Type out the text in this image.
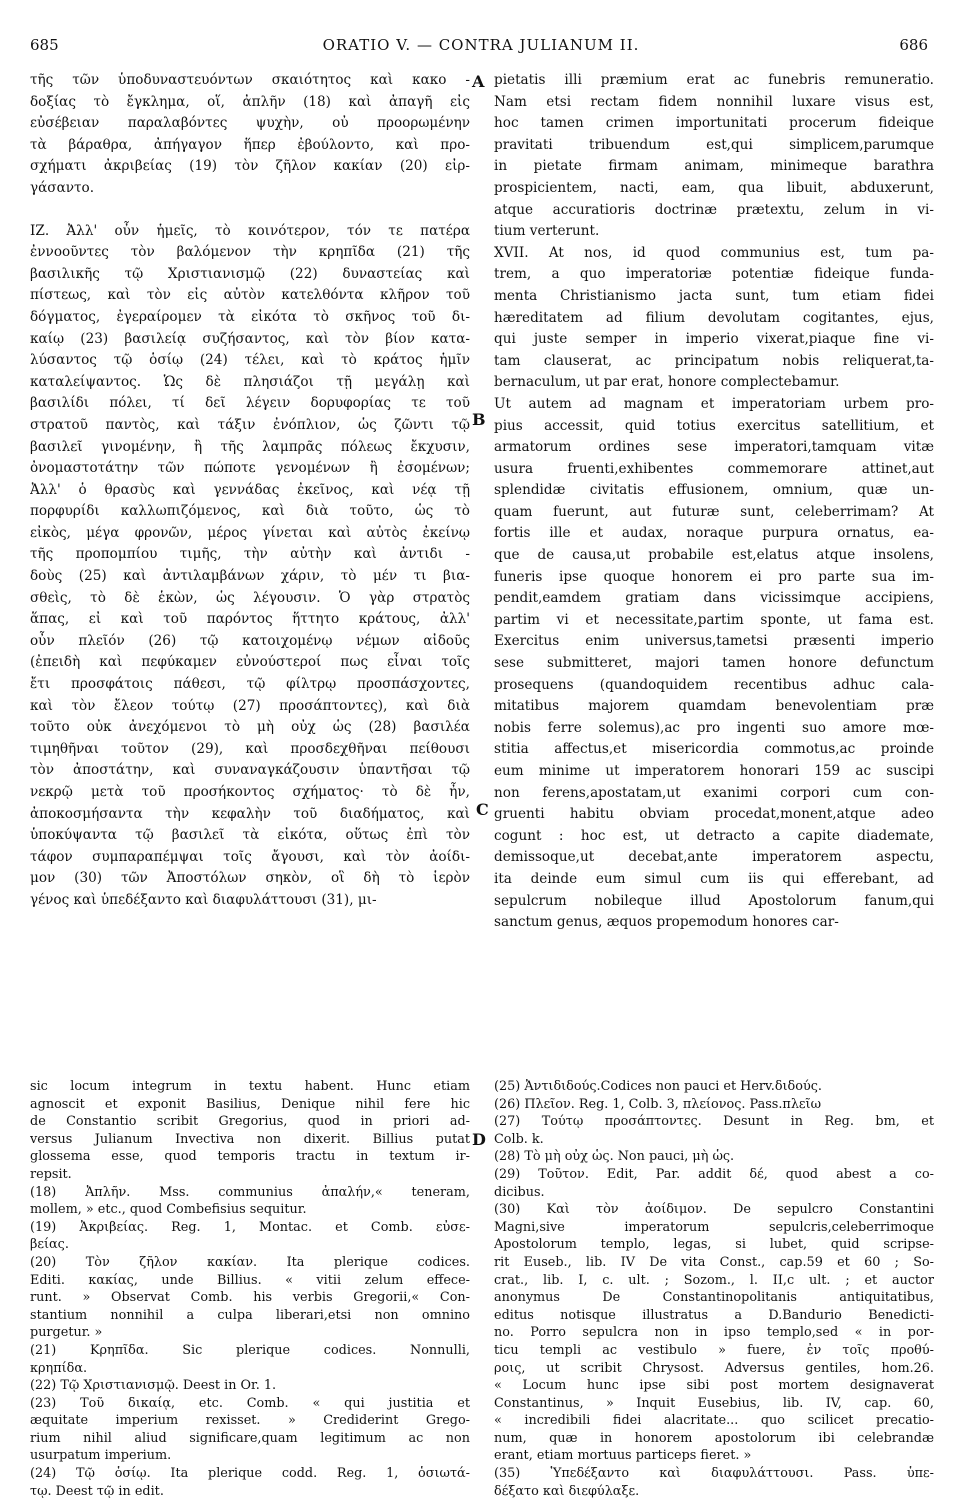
685	ORATIO V. — CONTRA JULIANUM II.	686
τῆς τῶν ὑποδυναστευόντων σκαιότητος καὶ κακο -
δοξίας τὸ ἔγκλημα, οἵ, ἀπλῆν (18) καὶ ἀπαγῆ εἰς
εὐσέβειαν παραλαβόντες ψυχὴν, οὐ προορωμένην
τὰ βάραθρα, ἀπήγαγον ἥπερ ἐβούλοντο, καὶ προ-
σχήματι ἀκριβείας (19) τὸν ζῆλον κακίαν (20) εἰρ-
γάσαντο.
ΙΖ. Ἀλλ' οὖν ἡμεῖς, τὸ κοινότερον, τόν τε πατέρα
ἐννοοῦντες τὸν βαλόμενον τὴν κρηπῖδα (21) τῆς
βασιλικῆς τῷ Χριστιανισμῷ (22) δυναστείας καὶ
πίστεως, καὶ τὸν εἰς αὐτὸν κατελθόντα κλῆρον τοῦ
δόγματος, ἐγεραίρομεν τὰ εἰκότα τὸ σκῆνος τοῦ δι-
καίῳ (23) βασιλείᾳ συζήσαντος, καὶ τὸν βίον κατα-
λύσαντος τῷ ὁσίῳ (24) τέλει, καὶ τὸ κράτος ἡμῖν
καταλείψαντος. Ὡς δὲ πλησιάζοι τῇ μεγάλῃ καὶ
βασιλίδι πόλει, τί δεῖ λέγειν δορυφορίας τε τοῦ
στρατοῦ παντὸς, καὶ τάξιν ἐνόπλιον, ὡς ζῶντι τῷ
βασιλεῖ γινομένην, ἢ τῆς λαμπρᾶς πόλεως ἔκχυσιν,
ὀνομαστοτάτην τῶν πώποτε γενομένων ἢ ἐσομένων;
Ἀλλ' ὁ θρασὺς καὶ γεννάδας ἐκεῖνος, καὶ νέᾳ τῇ
πορφυρίδι καλλωπιζόμενος, καὶ διὰ τοῦτο, ὡς τὸ
εἰκὸς, μέγα φρονῶν, μέρος γίνεται καὶ αὐτὸς ἐκείνῳ
τῆς προπομπίου τιμῆς, τὴν αὐτὴν καὶ ἀντιδι -
δοὺς (25) καὶ ἀντιλαμβάνων χάριν, τὸ μέν τι βια-
σθεὶς, τὸ δὲ ἑκὼν, ὡς λέγουσιν. Ὁ γὰρ στρατὸς
ἅπας, εἰ καὶ τοῦ παρόντος ἥττητο κράτους, ἀλλ'
οὖν πλεῖόν (26) τῷ κατοιχομένῳ νέμων αἰδοῦς
(ἐπειδὴ καὶ πεφύκαμεν εὐνούστεροί πως εἶναι τοῖς
ἔτι προσφάτοις πάθεσι, τῷ φίλτρῳ προσπάσχοντες,
καὶ τὸν ἔλεον τούτῳ (27) προσάπτοντες), καὶ διὰ
τοῦτο οὐκ ἀνεχόμενοι τὸ μὴ οὐχ ὡς (28) βασιλέα
τιμηθῆναι τοῦτον (29), καὶ προσδεχθῆναι πείθουσι
τὸν ἀποστάτην, καὶ συναναγκάζουσιν ὑπαντῆσαι τῷ
νεκρῷ μετὰ τοῦ προσήκοντος σχήματος· τὸ δὲ ἦν,
ἀποκοσμήσαντα τὴν κεφαλὴν τοῦ διαδήματος, καὶ
ὑποκύψαντα τῷ βασιλεῖ τὰ εἰκότα, οὕτως ἐπὶ τὸν
τάφον συμπαραπέμψαι τοῖς ἄγουσι, καὶ τὸν ἀοίδι-
μον (30) τῶν Ἀποστόλων σηκὸν, οἳ δὴ τὸ ἱερὸν
γένος καὶ ὑπεδέξαντο καὶ διαφυλάττουσι (31), μι-
pietatis illi præmium erat ac funebris remuneratio.
Nam etsi rectam fidem nonnihil luxare visus est,
hoc tamen crimen importunitati procerum fideique
pravitati tribuendum est,qui simplicem,parumque
in pietate firmam animam, minimeque barathra
prospicientem, nacti, eam, qua libuit, abduxerunt,
atque accuratioris doctrinæ prætextu, zelum in vi-
tium verterunt.
XVII. At nos, id quod communius est, tum pa-
trem, a quo imperatoriæ potentiæ fideique funda-
menta Christianismo jacta sunt, tum etiam fidei
hæreditatem ad filium devolutam cogitantes, ejus,
qui juste semper in imperio vixerat,piaque fine vi-
tam clauserat, ac principatum nobis reliquerat,ta-
bernaculum, ut par erat, honore complectebamur.
Ut autem ad magnam et imperatoriam urbem pro-
pius accessit, quid totius exercitus satellitium, et
armatorum ordines sese imperatori,tamquam vitæ
usura fruenti,exhibentes commemorare attinet,aut
splendidæ civitatis effusionem, omnium, quæ un-
quam fuerunt, aut futuræ sunt, celeberrimam? At
fortis ille et audax, noraque purpura ornatus, ea-
que de causa,ut probabile est,elatus atque insolens,
funeris ipse quoque honorem ei pro parte sua im-
pendit,eamdem gratiam dans vicissimque accipiens,
partim vi et necessitate,partim sponte, ut fama est.
Exercitus enim universus,tametsi præsenti imperio
sese submitteret, majori tamen honore defunctum
prosequens (quandoquidem recentibus adhuc cala-
mitatibus majorem quamdam benevolentiam præ
nobis ferre solemus),ac pro ingenti suo amore mœ-
stitia affectus,et misericordia commotus,ac proinde
eum minime ut imperatorem honorari 159 ac suscipi
non ferens,apostatam,ut exanimi corpori cum con-
gruenti habitu obviam procedat,monent,atque adeo
cogunt : hoc est, ut detracto a capite diademate,
demissoque,ut decebat,ante imperatorem aspectu,
ita deinde eum simul cum iis qui efferebant, ad
sepulcrum nobileque illud Apostolorum fanum,qui
sanctum genus, æquos propemodum honores car-
A
B
C
D
sic locum integrum in textu habent. Hunc etiam
agnoscit et exponit Basilius, Denique nihil fere hic
de Constantio scribit Gregorius, quod in priori ad-
versus Julianum Invectiva non dixerit. Billius putat
glossema esse, quod temporis tractu in textum ir-
repsit.
(18) Ἀπλῆν. Mss. communius ἀπαλήν,« teneram,
mollem, » etc., quod Combefisius sequitur.
(19) Ἀκριβείας. Reg. 1, Montac. et Comb. εὐσε-
βείας.
(20) Τὸν ζῆλον κακίαν. Ita plerique codices.
Editi. κακίας, unde Billius. « vitii zelum effece-
runt. » Observat Comb. his verbis Gregorii,« Con-
stantium nonnihil a culpa liberari,etsi non omnino
purgetur. »
(21) Κρηπῖδα. Sic plerique codices. Nonnulli,
κρηπίδα.
(22) Τῷ Χριστιανισμῷ. Deest in Or. 1.
(23) Τοῦ δικαίᾳ, etc. Comb. « qui justitia et
æquitate imperium rexisset. » Crediderint Grego-
rium nihil aliud significare,quam legitimum ac non
usurpatum imperium.
(24) Τῷ ὁσίῳ. Ita plerique codd. Reg. 1, ὁσιωτά-
τῳ. Deest τῷ in edit.
(25) Ἀντιδιδούς.Codices non pauci et Herv.διδούς.
(26) Πλεῖον. Reg. 1, Colb. 3, πλείονος. Pass.πλεῖω
(27) Τούτῳ προσάπτοντες. Desunt in Reg. bm, et
Colb. k.
(28) Τὸ μὴ οὐχ ὡς. Non pauci, μὴ ὡς.
(29) Τοῦτον. Edit, Par. addit δέ, quod abest a co-
dicibus.
(30) Καὶ τὸν ἀοίδιμον. De sepulcro Constantini
Magni,sive imperatorum sepulcris,celeberrimoque
Apostolorum templo, legas, si lubet, quid scripse-
rit Euseb., lib. IV De vita Const., cap.59 et 60 ; So-
crat., lib. I, c. ult. ; Sozom., l. II,c ult. ; et auctor
anonymus De Constantinopolitanis antiquitatibus,
editus notisque illustratus a D.Bandurio Benedicti-
no. Porro sepulcra non in ipso templo,sed « in por-
ticu templi ac vestibulo » fuere, ἐν τοῖς προθύ-
ροις, ut scribit Chrysost. Adversus gentiles, hom.26.
« Locum hunc ipse sibi post mortem designaverat
Constantinus, » Inquit Eusebius, lib. IV, cap. 60,
« incredibili fidei alacritate... quo scilicet precatio-
num, quæ in honorem apostolorum ibi celebrandæ
erant, etiam mortuus particeps fieret. »
(35) Ὑπεδέξαντο καὶ διαφυλάττουσι. Pass. ὑπε-
δέξατο καὶ διεφύλαξε.
